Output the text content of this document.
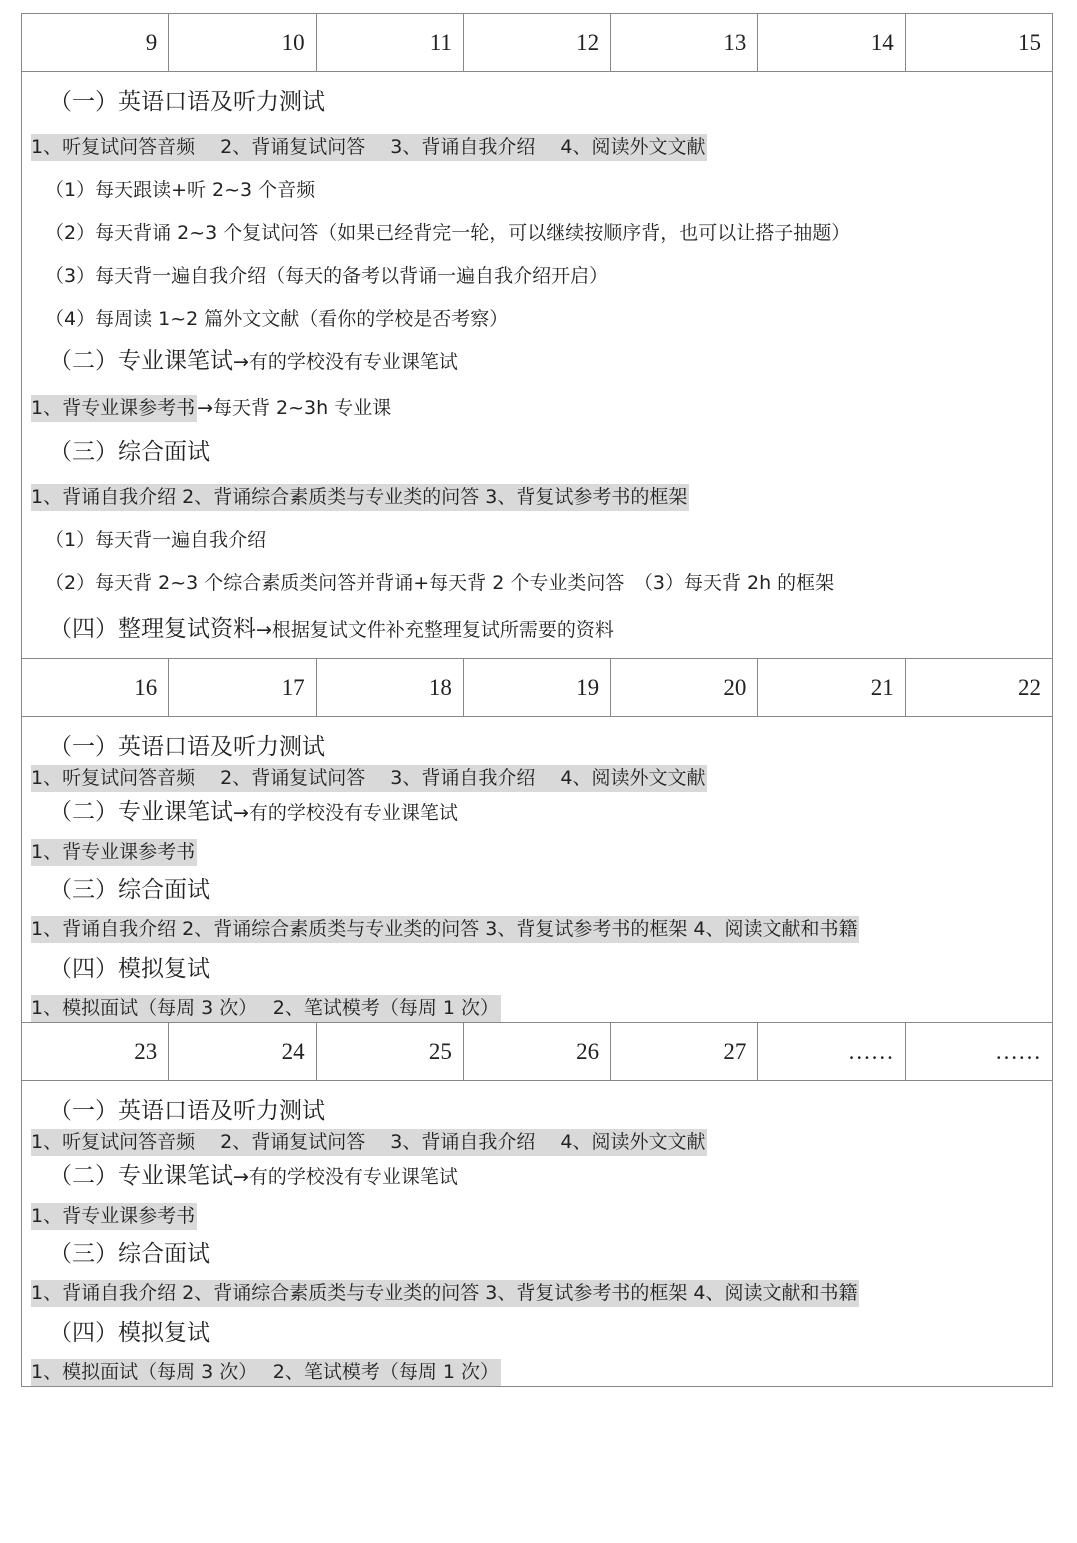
9	10	11	12	13	14	15
（一）英语口语及听力测试
1、听复试问答音频　 2、背诵复试问答　 3、背诵自我介绍　 4、阅读外文文献
（1）每天跟读+听 2~3 个音频
（2）每天背诵 2~3 个复试问答（如果已经背完一轮，可以继续按顺序背，也可以让搭子抽题）
（3）每天背一遍自我介绍（每天的备考以背诵一遍自我介绍开启）
（4）每周读 1~2 篇外文文献（看你的学校是否考察）
（二）专业课笔试→有的学校没有专业课笔试
1、背专业课参考书 →每天背 2~3h 专业课
（三）综合面试
1、背诵自我介绍 2、背诵综合素质类与专业类的问答 3、背复试参考书的框架
（1）每天背一遍自我介绍
（2）每天背 2~3 个综合素质类问答并背诵+每天背 2 个专业类问答　（3）每天背 2h 的框架
（四）整理复试资料→根据复试文件补充整理复试所需要的资料
16	17	18	19	20	21	22
（一）英语口语及听力测试
1、听复试问答音频　 2、背诵复试问答　 3、背诵自我介绍　 4、阅读外文文献
（二）专业课笔试→有的学校没有专业课笔试
1、背专业课参考书
（三）综合面试
1、背诵自我介绍 2、背诵综合素质类与专业类的问答 3、背复试参考书的框架 4、阅读文献和书籍
（四）模拟复试
1、模拟面试（每周 3 次）　 2、笔试模考（每周 1 次）
23	24	25	26	27	……	……
（一）英语口语及听力测试
1、听复试问答音频　 2、背诵复试问答　 3、背诵自我介绍　 4、阅读外文文献
（二）专业课笔试→有的学校没有专业课笔试
1、背专业课参考书
（三）综合面试
1、背诵自我介绍 2、背诵综合素质类与专业类的问答 3、背复试参考书的框架 4、阅读文献和书籍
（四）模拟复试
1、模拟面试（每周 3 次）　 2、笔试模考（每周 1 次）
